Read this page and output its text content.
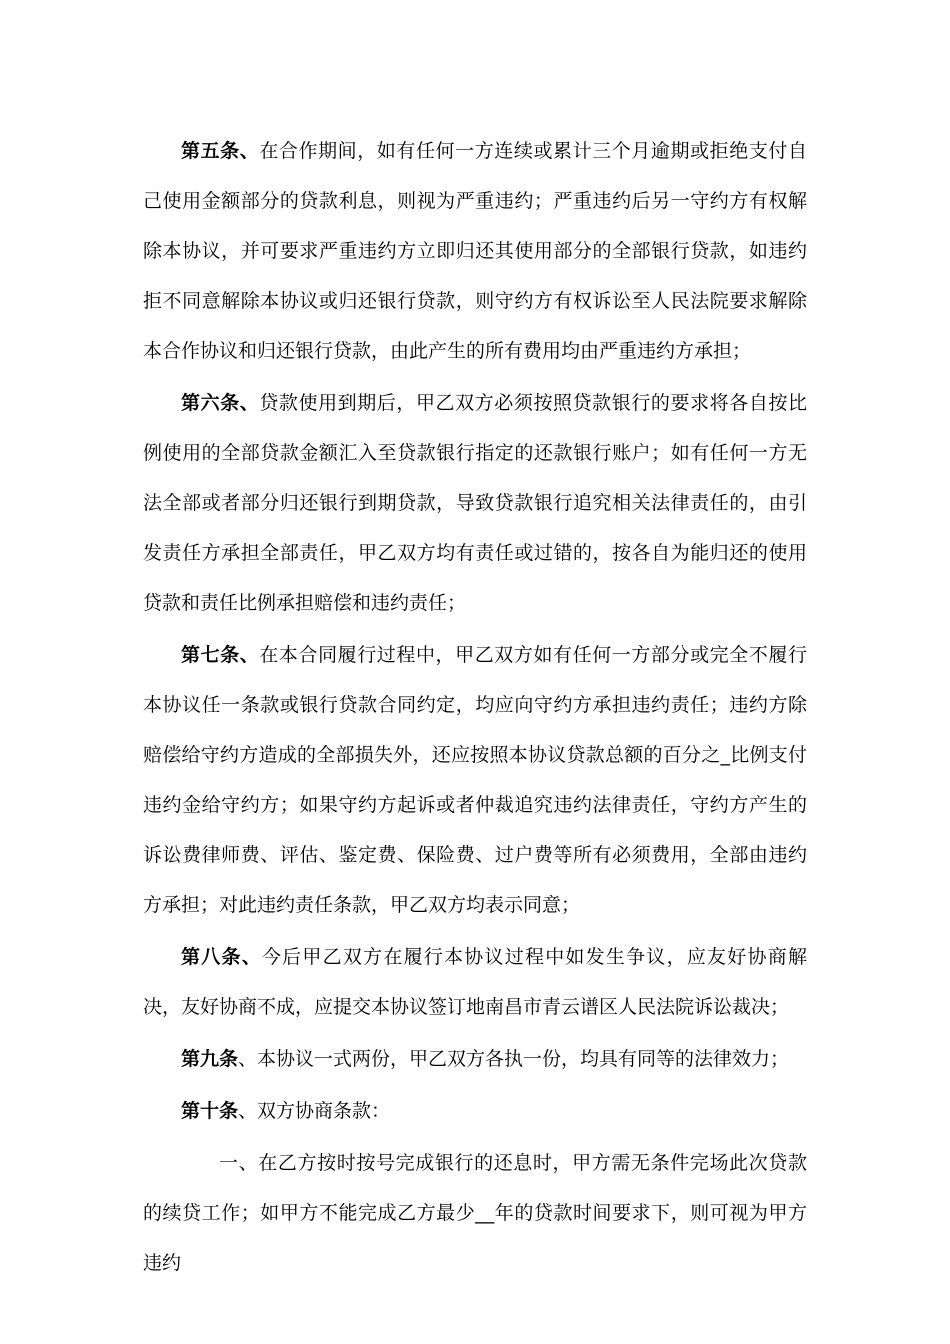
第五条、在合作期间，如有任何一方连续或累计三个月逾期或拒绝支付自己使用金额部分的贷款利息，则视为严重违约；严重违约后另一守约方有权解除本协议，并可要求严重违约方立即归还其使用部分的全部银行贷款，如违约拒不同意解除本协议或归还银行贷款，则守约方有权诉讼至人民法院要求解除本合作协议和归还银行贷款，由此产生的所有费用均由严重违约方承担；

第六条、贷款使用到期后，甲乙双方必须按照贷款银行的要求将各自按比例使用的全部贷款金额汇入至贷款银行指定的还款银行账户；如有任何一方无法全部或者部分归还银行到期贷款，导致贷款银行追究相关法律责任的，由引发责任方承担全部责任，甲乙双方均有责任或过错的，按各自为能归还的使用贷款和责任比例承担赔偿和违约责任；

第七条、在本合同履行过程中，甲乙双方如有任何一方部分或完全不履行本协议任一条款或银行贷款合同约定，均应向守约方承担违约责任；违约方除赔偿给守约方造成的全部损失外，还应按照本协议贷款总额的百分之_比例支付违约金给守约方；如果守约方起诉或者仲裁追究违约法律责任，守约方产生的诉讼费律师费、评估、鉴定费、保险费、过户费等所有必须费用，全部由违约方承担；对此违约责任条款，甲乙双方均表示同意；

第八条、今后甲乙双方在履行本协议过程中如发生争议，应友好协商解决，友好协商不成，应提交本协议签订地南昌市青云谱区人民法院诉讼裁决；

第九条、本协议一式两份，甲乙双方各执一份，均具有同等的法律效力；

第十条、双方协商条款：

一、在乙方按时按号完成银行的还息时，甲方需无条件完场此次贷款的续贷工作；如甲方不能完成乙方最少__年的贷款时间要求下，则可视为甲方违约
